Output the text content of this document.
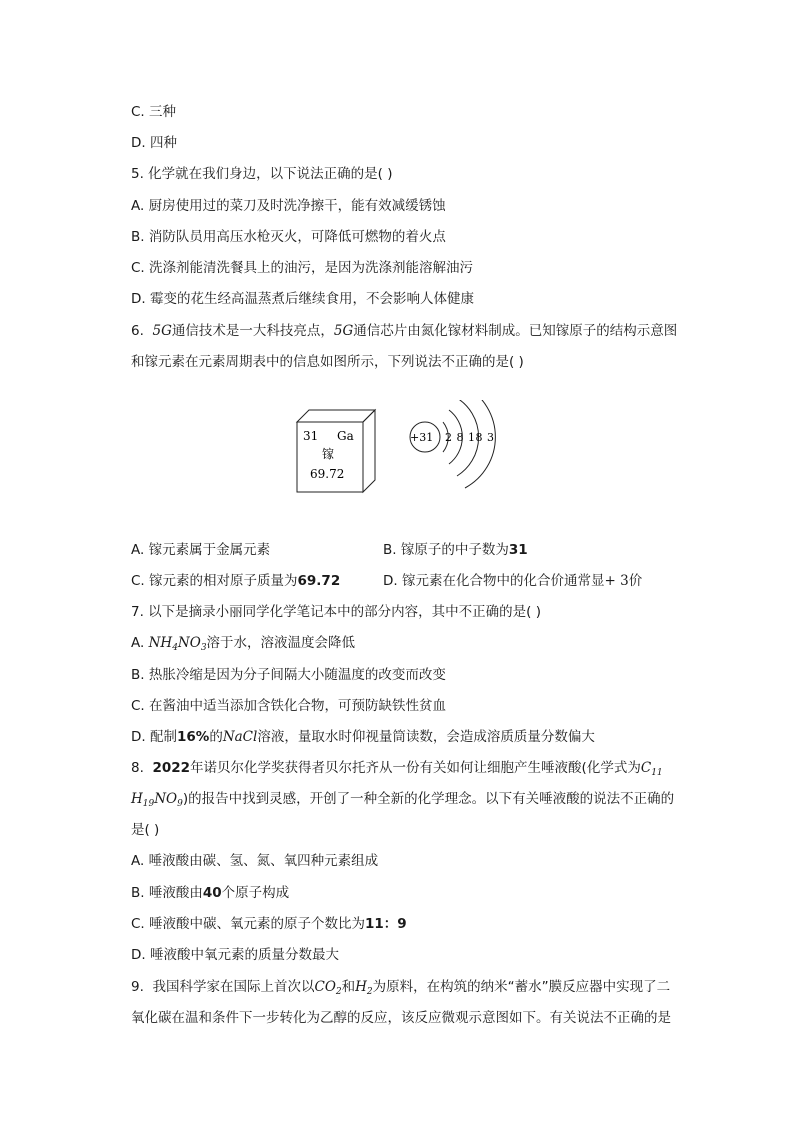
C. 三种
D. 四种
5. 化学就在我们身边，以下说法正确的是( )
A. 厨房使用过的菜刀及时洗净擦干，能有效减缓锈蚀
B. 消防队员用高压水枪灭火，可降低可燃物的着火点
C. 洗涤剂能清洗餐具上的油污，是因为洗涤剂能溶解油污
D. 霉变的花生经高温蒸煮后继续食用，不会影响人体健康
6. 5G通信技术是一大科技亮点，5G通信芯片由氮化镓材料制成。已知镓原子的结构示意图
和镓元素在元素周期表中的信息如图所示，下列说法不正确的是( )
31 Ga
镓
69.72
+31 2 8 18 3
A. 镓元素属于金属元素	B. 镓原子的中子数为31
C. 镓元素的相对原子质量为69.72	D. 镓元素在化合物中的化合价通常显+ 3价
7. 以下是摘录小丽同学化学笔记本中的部分内容，其中不正确的是( )
A. $NH_4NO_3$溶于水，溶液温度会降低
B. 热胀冷缩是因为分子间隔大小随温度的改变而改变
C. 在酱油中适当添加含铁化合物，可预防缺铁性贫血
D. 配制16%的NaCl溶液，量取水时仰视量筒读数，会造成溶质质量分数偏大
8. 2022年诺贝尔化学奖获得者贝尔托齐从一份有关如何让细胞产生唾液酸(化学式为$C_{11}$
$H_{19}NO_9$)的报告中找到灵感，开创了一种全新的化学理念。以下有关唾液酸的说法不正确的
是( )
A. 唾液酸由碳、氢、氮、氧四种元素组成
B. 唾液酸由40个原子构成
C. 唾液酸中碳、氧元素的原子个数比为11：9
D. 唾液酸中氧元素的质量分数最大
9. 我国科学家在国际上首次以$CO_2$和$H_2$为原料，在构筑的纳米“蓄水”膜反应器中实现了二
氧化碳在温和条件下一步转化为乙醇的反应，该反应微观示意图如下。有关说法不正确的是
